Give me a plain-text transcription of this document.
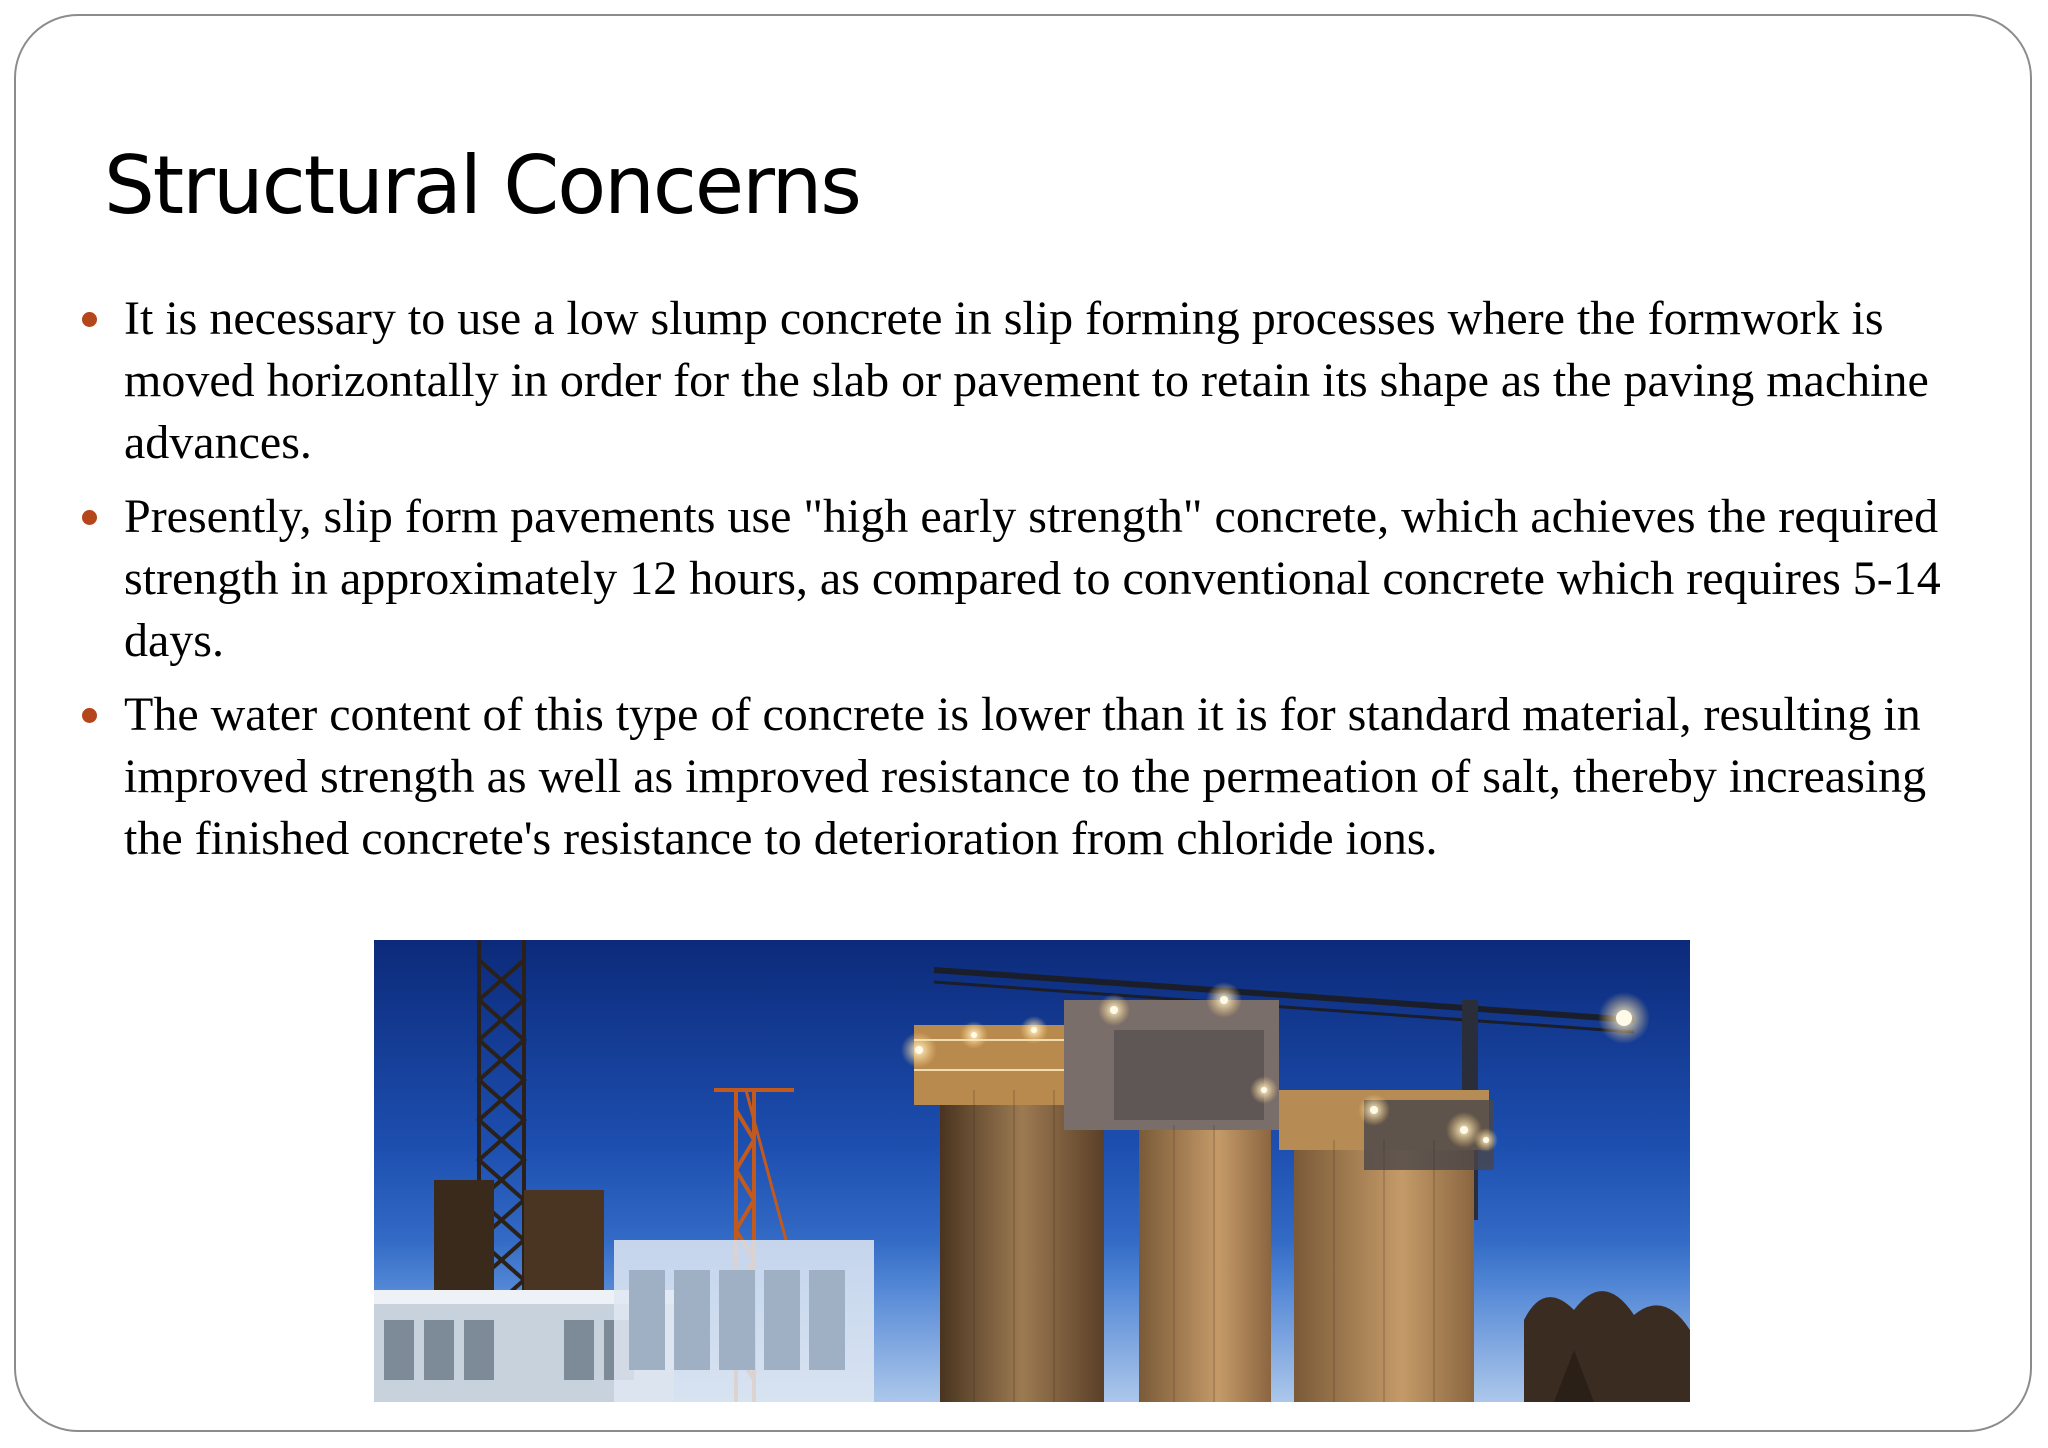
Structural Concerns
It is necessary to use a low slump concrete in slip forming processes where the formwork is moved horizontally in order for the slab or pavement to retain its shape as the paving machine advances.
Presently, slip form pavements use "high early strength" concrete, which achieves the required strength in approximately 12 hours, as compared to conventional concrete which requires 5-14 days.
The water content of this type of concrete is lower than it is for standard material, resulting in improved strength as well as improved resistance to the permeation of salt, thereby increasing the finished concrete's resistance to deterioration from chloride ions.
